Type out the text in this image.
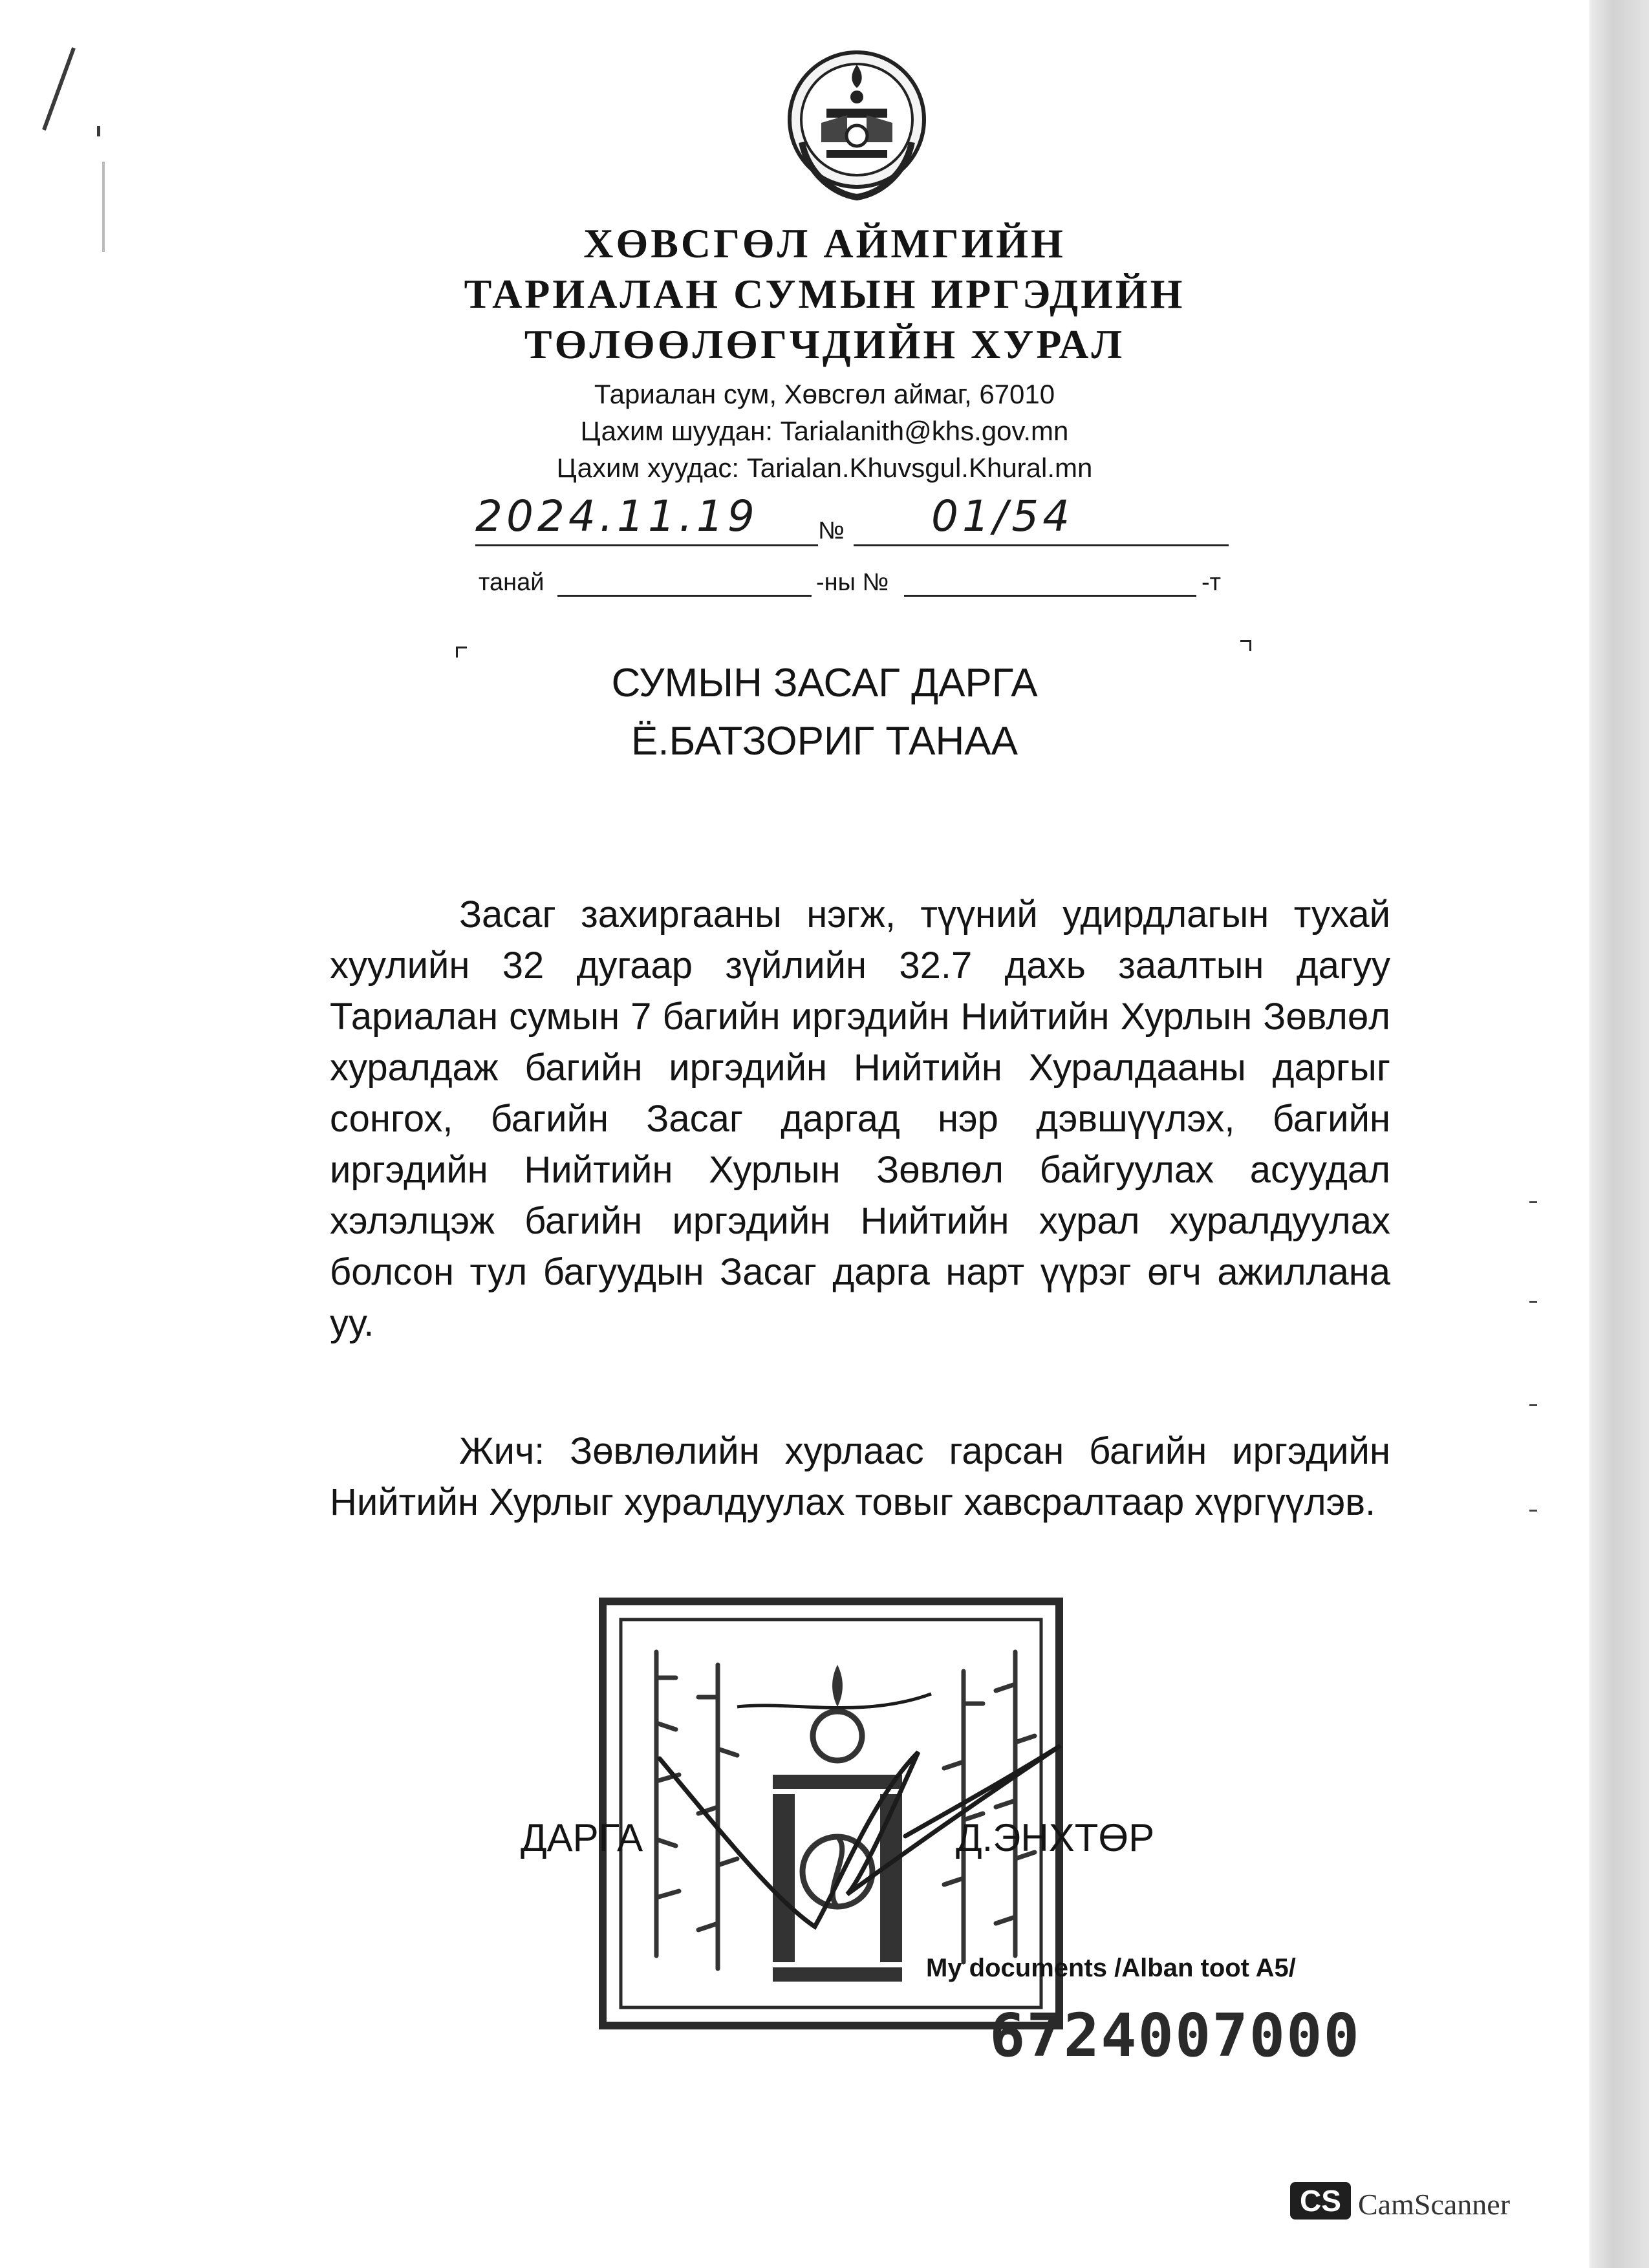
ХӨВСГӨЛ АЙМГИЙН
ТАРИАЛАН СУМЫН ИРГЭДИЙН
ТӨЛӨӨЛӨГЧДИЙН ХУРАЛ
Тариалан сум, Хөвсгөл аймаг, 67010
Цахим шуудан: Tarialanith@khs.gov.mn
Цахим хуудас: Tarialan.Khuvsgul.Khural.mn
2024.11.19 № 01/54
танай	-ны №	-т
СУМЫН ЗАСАГ ДАРГА
Ё.БАТЗОРИГ ТАНАА

Засаг захиргааны нэгж, түүний удирдлагын тухай хуулийн 32 дугаар зүйлийн 32.7 дахь заалтын дагуу Тариалан сумын 7 багийн иргэдийн Нийтийн Хурлын Зөвлөл хуралдаж багийн иргэдийн Нийтийн Хуралдааны даргыг сонгох, багийн Засаг даргад нэр дэвшүүлэх, багийн иргэдийн Нийтийн Хурлын Зөвлөл байгуулах асуудал хэлэлцэж багийн иргэдийн Нийтийн хурал хуралдуулах болсон тул багуудын Засаг дарга нарт үүрэг өгч ажиллана уу.

Жич: Зөвлөлийн хурлаас гарсан багийн иргэдийн Нийтийн Хурлыг хуралдуулах товыг хавсралтаар хүргүүлэв.

ДАРГА	Д.ЭНХТӨР
My documents /Alban toot A5/
6724007000
CS CamScanner
